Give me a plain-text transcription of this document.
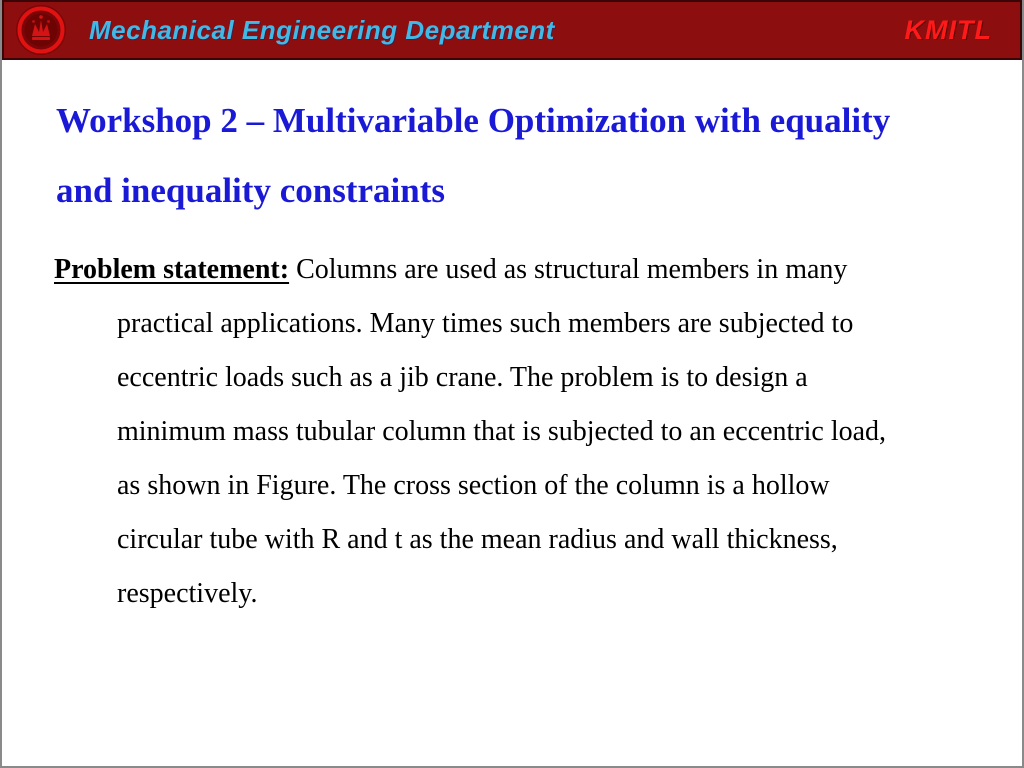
Mechanical Engineering Department	KMITL
Workshop 2 – Multivariable Optimization with equality
and inequality constraints
Problem statement: Columns are used as structural members in many
practical applications. Many times such members are subjected to
eccentric loads such as a jib crane. The problem is to design a
minimum mass tubular column that is subjected to an eccentric load,
as shown in Figure. The cross section of the column is a hollow
circular tube with R and t as the mean radius and wall thickness,
respectively.
